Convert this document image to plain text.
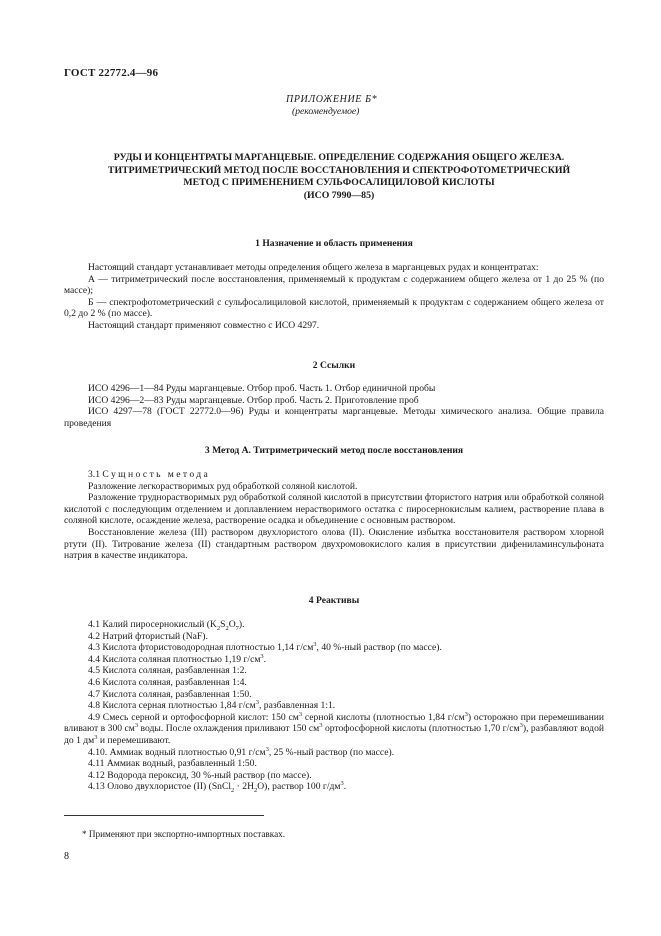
ГОСТ 22772.4—96
ПРИЛОЖЕНИЕ Б*
(рекомендуемое)
РУДЫ И КОНЦЕНТРАТЫ МАРГАНЦЕВЫЕ. ОПРЕДЕЛЕНИЕ СОДЕРЖАНИЯ ОБЩЕГО ЖЕЛЕЗА.
ТИТРИМЕТРИЧЕСКИЙ МЕТОД ПОСЛЕ ВОССТАНОВЛЕНИЯ И СПЕКТРОФОТОМЕТРИЧЕСКИЙ
МЕТОД С ПРИМЕНЕНИЕМ СУЛЬФОСАЛИЦИЛОВОЙ КИСЛОТЫ
(ИСО 7990—85)
1 Назначение и область применения

Настоящий стандарт устанавливает методы определения общего железа в марганцевых рудах и концентратах:

А — титриметрический после восстановления, применяемый к продуктам с содержанием общего железа от 1 до 25 % (по массе);

Б — спектрофотометрический с сульфосалициловой кислотой, применяемый к продуктам с содержанием общего железа от 0,2 до 2 % (по массе).

Настоящий стандарт применяют совместно с ИСО 4297.

2 Ссылки

ИСО 4296—1—84 Руды марганцевые. Отбор проб. Часть 1. Отбор единичной пробы

ИСО 4296—2—83 Руды марганцевые. Отбор проб. Часть 2. Приготовление проб

ИСО 4297—78 (ГОСТ 22772.0—96) Руды и концентраты марганцевые. Методы химического анализа. Общие правила проведения

3 Метод А. Титриметрический метод после восстановления

3.1 Сущность метода

Разложение легкорастворимых руд обработкой соляной кислотой.

Разложение труднорастворимых руд обработкой соляной кислотой в присутствии фтористого натрия или обработкой соляной кислотой с последующим отделением и доплавлением нерастворимого остатка с пиросернокислым калием, растворение плава в соляной кислоте, осаждение железа, растворение осадка и объединение с основным раствором.

Восстановление железа (III) раствором двухлористого олова (II). Окисление избытка восстановителя раствором хлорной ртути (II). Титрование железа (II) стандартным раствором двухромовокислого калия в присутствии дифениламинсульфоната натрия в качестве индикатора.

4 Реактивы

4.1 Калий пиросернокислый $(K_2S_2O_7)$.

4.2 Натрий фтористый (NaF).

4.3 Кислота фтористоводородная плотностью 1,14 $г/см^3$, 40 %-ный раствор (по массе).

4.4 Кислота соляная плотностью 1,19 $г/см^3$.

4.5 Кислота соляная, разбавленная 1:2.

4.6 Кислота соляная, разбавленная 1:4.

4.7 Кислота соляная, разбавленная 1:50.

4.8 Кислота серная плотностью 1,84 $г/см^3$, разбавленная 1:1.

4.9 Смесь серной и ортофосфорной кислот: 150 $см^3$ серной кислоты (плотностью 1,84 $г/см^3$) осторожно при перемешивании вливают в 300 $см^3$ воды. После охлаждения приливают 150 $см^3$ ортофосфорной кислоты (плотностью 1,70 $г/см^3$), разбавляют водой до 1 $дм^3$ и перемешивают.

4.10. Аммиак водный плотностью 0,91 $г/см^3$, 25 %-ный раствор (по массе).

4.11 Аммиак водный, разбавленный 1:50.

4.12 Водорода пероксид, 30 %-ный раствор (по массе).

4.13 Олово двухлористое (II) (SnCl$_2$ · $2H_2O$), раствор 100 $г/дм^3$.

* Применяют при экспортно-импортных поставках.
8
